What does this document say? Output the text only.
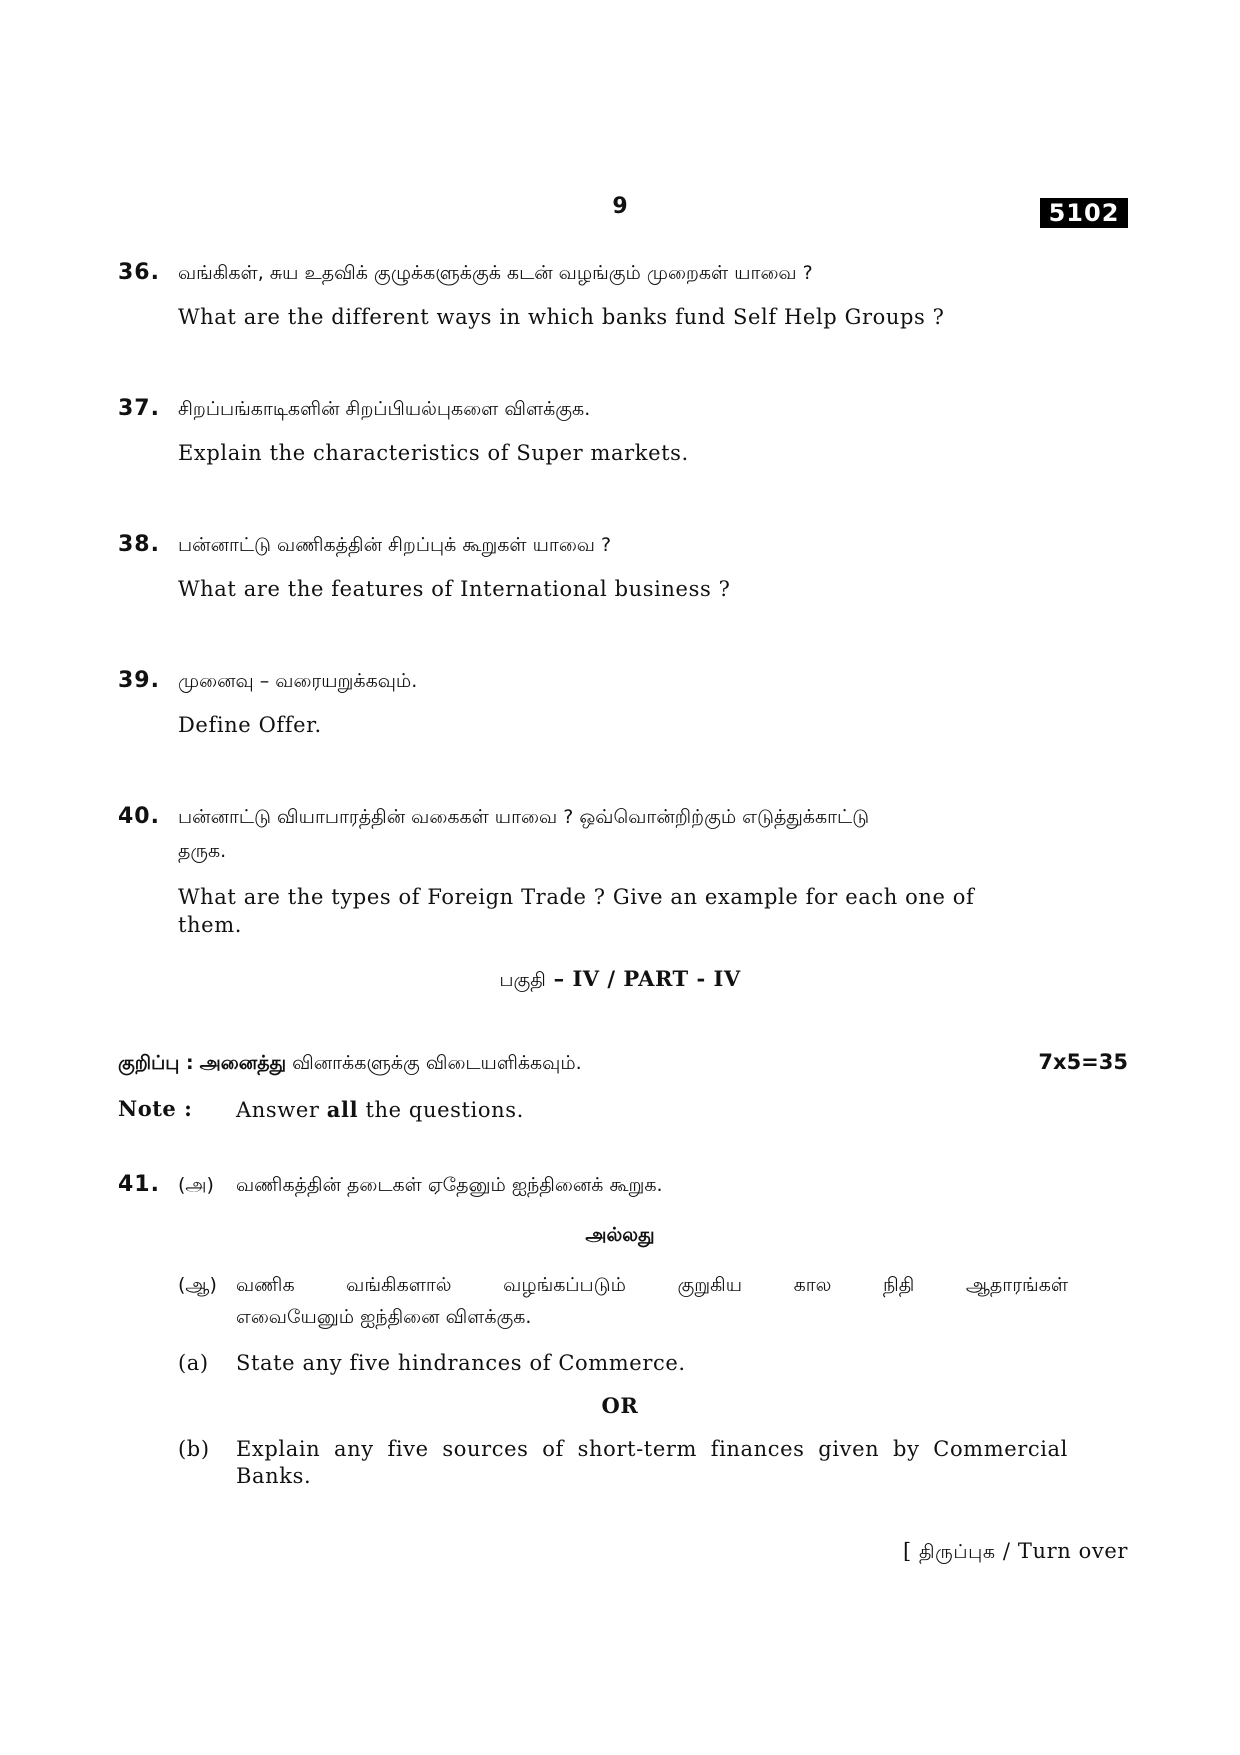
9	5102
36. வங்கிகள், சுய உதவிக் குழுக்களுக்குக் கடன் வழங்கும் முறைகள் யாவை ?
What are the different ways in which banks fund Self Help Groups ?
37. சிறப்பங்காடிகளின் சிறப்பியல்புகளை விளக்குக.
Explain the characteristics of Super markets.
38. பன்னாட்டு வணிகத்தின் சிறப்புக் கூறுகள் யாவை ?
What are the features of International business ?
39. முனைவு – வரையறுக்கவும்.
Define Offer.
40. பன்னாட்டு வியாபாரத்தின் வகைகள் யாவை ? ஒவ்வொன்றிற்கும் எடுத்துக்காட்டு
தருக.
What are the types of Foreign Trade ? Give an example for each one of
them.
பகுதி – IV / PART - IV
குறிப்பு : அனைத்து வினாக்களுக்கு விடையளிக்கவும்.	7x5=35
Note : Answer all the questions.
41. (அ) வணிகத்தின் தடைகள் ஏதேனும் ஐந்தினைக் கூறுக.
அல்லது
(ஆ) வணிக வங்கிகளால் வழங்கப்படும் குறுகிய கால நிதி ஆதாரங்கள்
எவையேனும் ஐந்தினை விளக்குக.
(a) State any five hindrances of Commerce.
OR
(b) Explain any five sources of short-term finances given by Commercial
Banks.
[ திருப்புக / Turn over
